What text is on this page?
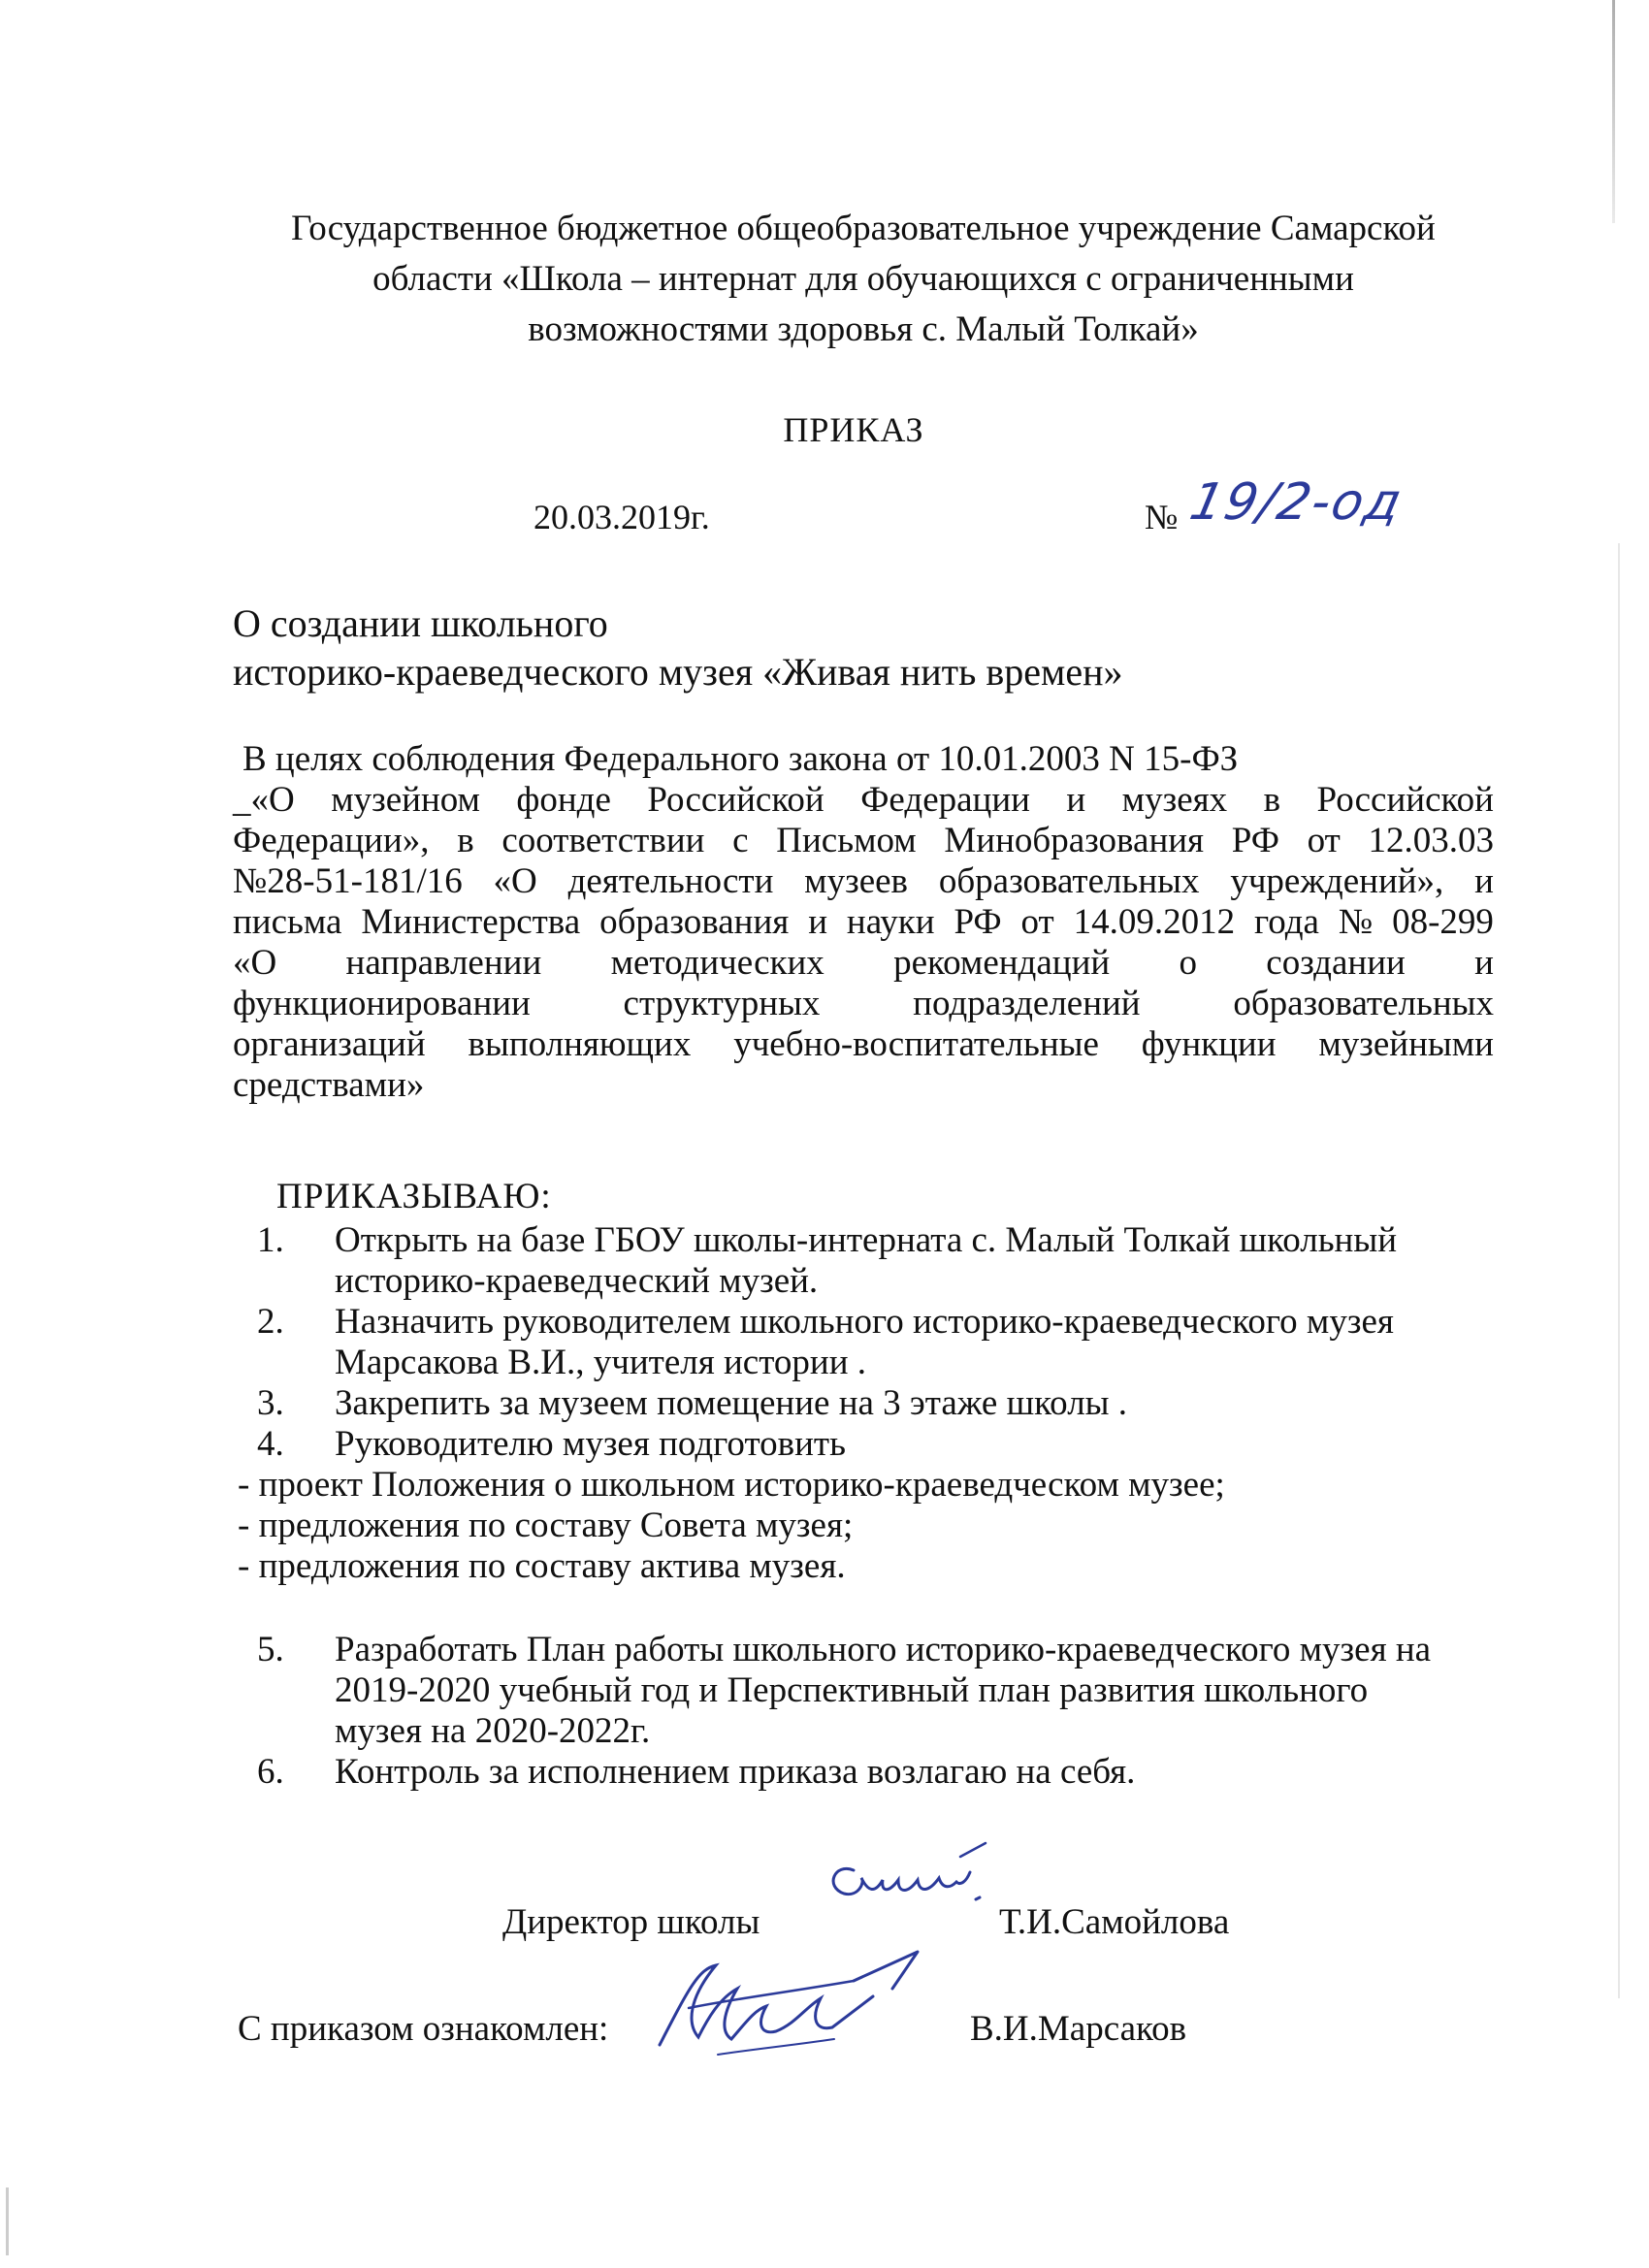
Государственное бюджетное общеобразовательное учреждение Самарской
области «Школа – интернат для обучающихся с ограниченными
возможностями здоровья с. Малый Толкай»
ПРИКАЗ
20.03.2019г.	№ 19/2-од
О создании школьного
историко-краеведческого музея «Живая нить времен»
В целях соблюдения Федерального закона от 10.01.2003 N 15-ФЗ
_«О музейном фонде Российской Федерации и музеях в Российской
Федерации», в соответствии с Письмом Минобразования РФ от 12.03.03
№28-51-181/16 «О деятельности музеев образовательных учреждений», и
письма Министерства образования и науки РФ от 14.09.2012 года № 08-299
«О направлении методических рекомендаций о создании и
функционировании	структурных	подразделений	образовательных
организаций выполняющих учебно-воспитательные функции музейными
средствами»
ПРИКАЗЫВАЮ:
1. Открыть на базе ГБОУ школы-интерната с. Малый Толкай школьный
историко-краеведческий музей.
2. Назначить руководителем школьного историко-краеведческого музея
Марсакова В.И., учителя истории .
3. Закрепить за музеем помещение на 3 этаже школы .
4. Руководителю музея подготовить
- проект Положения о школьном историко-краеведческом музее;
- предложения по составу Совета музея;
- предложения по составу актива музея.
5. Разработать План работы школьного историко-краеведческого музея на
2019-2020 учебный год и Перспективный план развития школьного
музея на 2020-2022г.
6. Контроль за исполнением приказа возлагаю на себя.
Директор школы	Т.И.Самойлова
С приказом ознакомлен:	В.И.Марсаков
